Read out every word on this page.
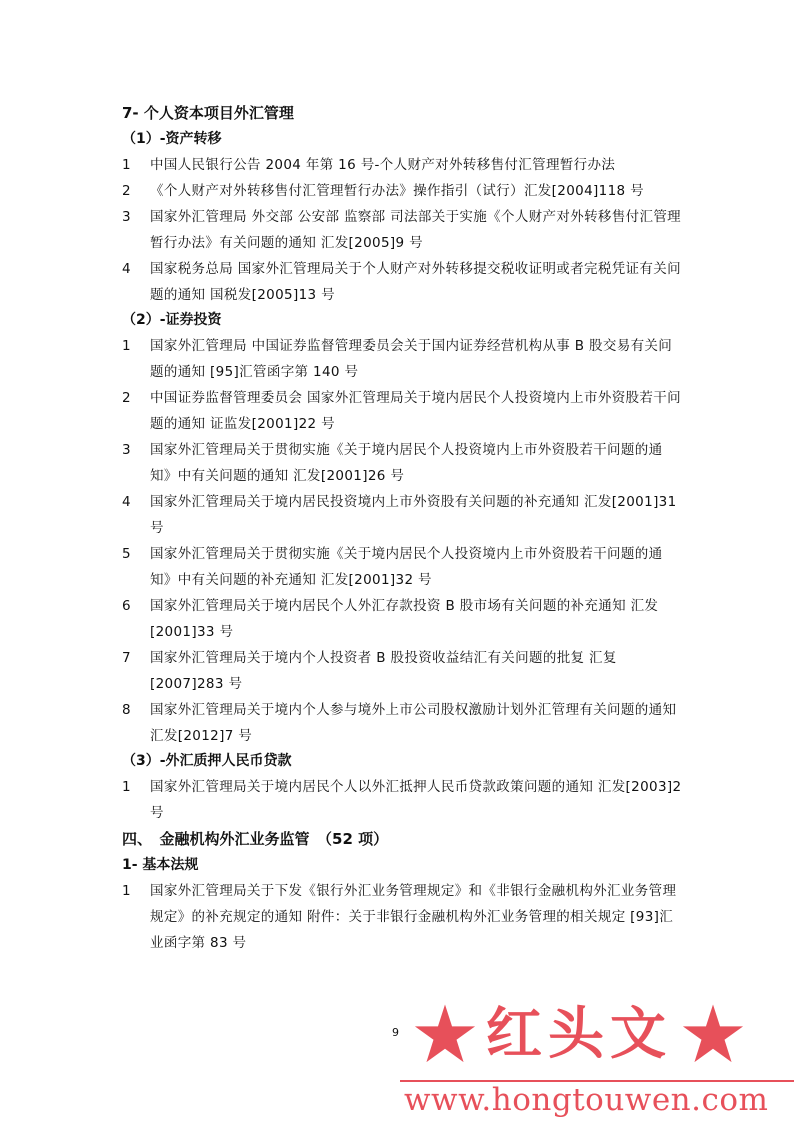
7- 个人资本项目外汇管理
（1）-资产转移
1	中国人民银行公告 2004 年第 16 号-个人财产对外转移售付汇管理暂行办法
2	《个人财产对外转移售付汇管理暂行办法》操作指引（试行）汇发[2004]118 号
3	国家外汇管理局 外交部 公安部 监察部 司法部关于实施《个人财产对外转移售付汇管理暂行办法》有关问题的通知 汇发[2005]9 号
4	国家税务总局 国家外汇管理局关于个人财产对外转移提交税收证明或者完税凭证有关问题的通知 国税发[2005]13 号
（2）-证券投资
1	国家外汇管理局 中国证券监督管理委员会关于国内证券经营机构从事 B 股交易有关问题的通知 [95]汇管函字第 140 号
2	中国证券监督管理委员会 国家外汇管理局关于境内居民个人投资境内上市外资股若干问题的通知 证监发[2001]22 号
3	国家外汇管理局关于贯彻实施《关于境内居民个人投资境内上市外资股若干问题的通知》中有关问题的通知 汇发[2001]26 号
4	国家外汇管理局关于境内居民投资境内上市外资股有关问题的补充通知 汇发[2001]31 号
5	国家外汇管理局关于贯彻实施《关于境内居民个人投资境内上市外资股若干问题的通知》中有关问题的补充通知 汇发[2001]32 号
6	国家外汇管理局关于境内居民个人外汇存款投资 B 股市场有关问题的补充通知 汇发[2001]33 号
7	国家外汇管理局关于境内个人投资者 B 股投资收益结汇有关问题的批复 汇复[2007]283 号
8	国家外汇管理局关于境内个人参与境外上市公司股权激励计划外汇管理有关问题的通知　汇发[2012]7 号
（3）-外汇质押人民币贷款
1	国家外汇管理局关于境内居民个人以外汇抵押人民币贷款政策问题的通知 汇发[2003]2 号
四、　金融机构外汇业务监管　（52 项）
1- 基本法规
1	国家外汇管理局关于下发《银行外汇业务管理规定》和《非银行金融机构外汇业务管理规定》的补充规定的通知 附件：关于非银行金融机构外汇业务管理的相关规定 [93]汇业函字第 83 号
9 红头文
www.hongtouwen.com
